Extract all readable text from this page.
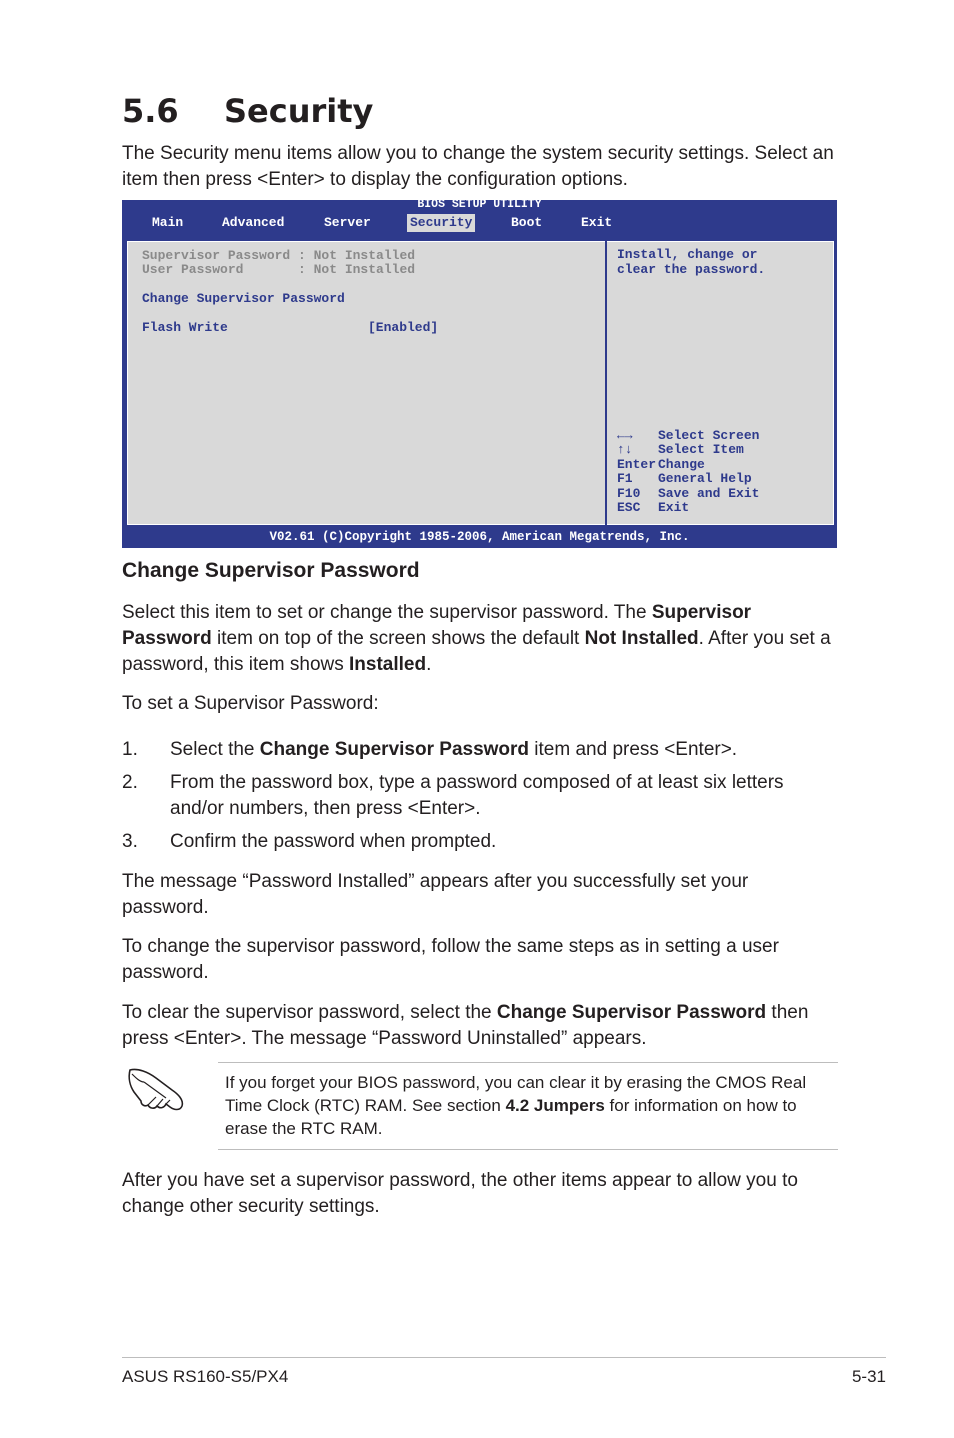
5.6 Security
The Security menu items allow you to change the system security settings. Select an item then press <Enter> to display the configuration options.
BIOS SETUP UTILITY
Main	Advanced	Server	Security	Boot	Exit
Supervisor Password : Not Installed
User Password       : Not Installed
Change Supervisor Password
Flash Write	[Enabled]
Install, change or
clear the password.
←→ Select Screen
↑↓ Select Item
Enter Change
F1 General Help
F10 Save and Exit
ESC Exit
V02.61 (C)Copyright 1985-2006, American Megatrends, Inc.
Change Supervisor Password
Select this item to set or change the supervisor password. The Supervisor Password item on top of the screen shows the default Not Installed. After you set a password, this item shows Installed.
To set a Supervisor Password:
1. Select the Change Supervisor Password item and press <Enter>.
2. From the password box, type a password composed of at least six letters and/or numbers, then press <Enter>.
3. Confirm the password when prompted.
The message “Password Installed” appears after you successfully set your password.
To change the supervisor password, follow the same steps as in setting a user password.
To clear the supervisor password, select the Change Supervisor Password then press <Enter>. The message “Password Uninstalled” appears.
If you forget your BIOS password, you can clear it by erasing the CMOS Real Time Clock (RTC) RAM. See section 4.2 Jumpers for information on how to erase the RTC RAM.
After you have set a supervisor password, the other items appear to allow you to change other security settings.
ASUS RS160-S5/PX4	5-31
